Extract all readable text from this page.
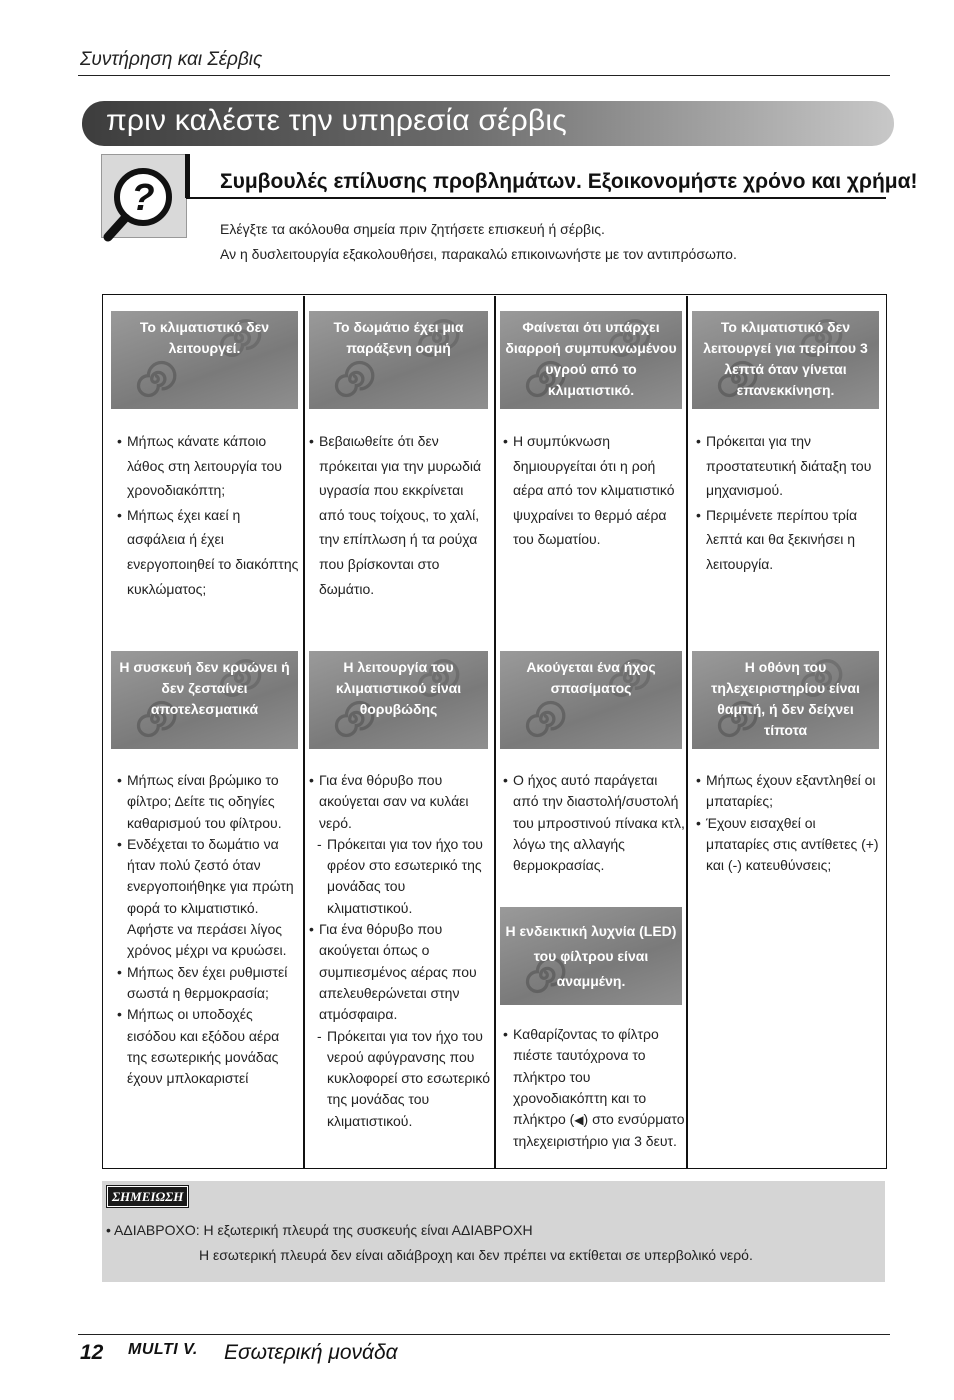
Συντήρηση και Σέρβις
πριν καλέστε την υπηρεσία σέρβις
?	Συμβουλές επίλυσης προβλημάτων. Εξοικονομήστε χρόνο και χρήμα!
Ελέγξτε τα ακόλουθα σημεία πριν ζητήσετε επισκευή ή σέρβις.
Αν η δυσλειτουργία εξακολουθήσει, παρακαλώ επικοινωνήστε με τον αντιπρόσωπο.
Το κλιματιστικό δεν λειτουργεί.
• Μήπως κάνατε κάποιο λάθος στη λειτουργία του χρονοδιακόπτη;
• Μήπως έχει καεί η ασφάλεια ή έχει ενεργοποιηθεί το διακόπτης κυκλώματος;
Το δωμάτιο έχει μια παράξενη οσμή
• Βεβαιωθείτε ότι δεν πρόκειται για την μυρωδιά υγρασία που εκκρίνεται από τους τοίχους, το χαλί, την επίπλωση ή τα ρούχα που βρίσκονται στο δωμάτιο.
Φαίνεται ότι υπάρχει διαρροή συμπυκνωμένου υγρού από το κλιματιστικό.
• Η συμπύκνωση δημιουργείται ότι η ροή αέρα από τον κλιματιστικό ψυχραίνει το θερμό αέρα του δωματίου.
Το κλιματιστικό δεν λειτουργεί για περίπου 3 λεπτά όταν γίνεται επανεκκίνηση.
• Πρόκειται για την προστατευτική διάταξη του μηχανισμού.
• Περιμένετε περίπου τρία λεπτά και θα ξεκινήσει η λειτουργία.
Η συσκευή δεν κρυώνει ή δεν ζεσταίνει αποτελεσματικά
• Μήπως είναι βρώμικο το φίλτρο; Δείτε τις οδηγίες καθαρισμού του φίλτρου.
• Ενδέχεται το δωμάτιο να ήταν πολύ ζεστό όταν ενεργοποιήθηκε για πρώτη φορά το κλιματιστικό. Αφήστε να περάσει λίγος χρόνος μέχρι να κρυώσει.
• Μήπως δεν έχει ρυθμιστεί σωστά η θερμοκρασία;
• Μήπως οι υποδοχές εισόδου και εξόδου αέρα της εσωτερικής μονάδας έχουν μπλοκαριστεί
Η λειτουργία του κλιματιστικού είναι θορυβώδης
• Για ένα θόρυβο που ακούγεται σαν να κυλάει νερό.
- Πρόκειται για τον ήχο του φρέον στο εσωτερικό της μονάδας του κλιματιστικού.
• Για ένα θόρυβο που ακούγεται όπως ο συμπιεσμένος αέρας που απελευθερώνεται στην ατμόσφαιρα.
- Πρόκειται για τον ήχο του νερού αφύγρανσης που κυκλοφορεί στο εσωτερικό της μονάδας του κλιματιστικού.
Ακούγεται ένα ήχος σπασίματος
• Ο ήχος αυτό παράγεται από την διαστολή/συστολή του μπροστινού πίνακα κτλ, λόγω της αλλαγής θερμοκρασίας.
Η οθόνη του τηλεχειριστηρίου είναι θαμπή, ή δεν δείχνει τίποτα
• Μήπως έχουν εξαντληθεί οι μπαταρίες;
• Έχουν εισαχθεί οι μπαταρίες στις αντίθετες (+) και (-) κατευθύνσεις;
Η ενδεικτική λυχνία (LED) του φίλτρου είναι αναμμένη.
• Καθαρίζοντας το φίλτρο πιέστε ταυτόχρονα το πλήκτρο του χρονοδιακόπτη και το πλήκτρο (◀) στο ενσύρματο τηλεχειριστήριο για 3 δευτ.
ΣΗΜΕΙΩΣΗ
• ΑΔΙΑΒΡΟΧΟ: Η εξωτερική πλευρά της συσκευής είναι ΑΔΙΑΒΡΟΧΗ
Η εσωτερική πλευρά δεν είναι αδιάβροχη και δεν πρέπει να εκτίθεται σε υπερβολικό νερό.
12 MULTI V. Εσωτερική μονάδα
